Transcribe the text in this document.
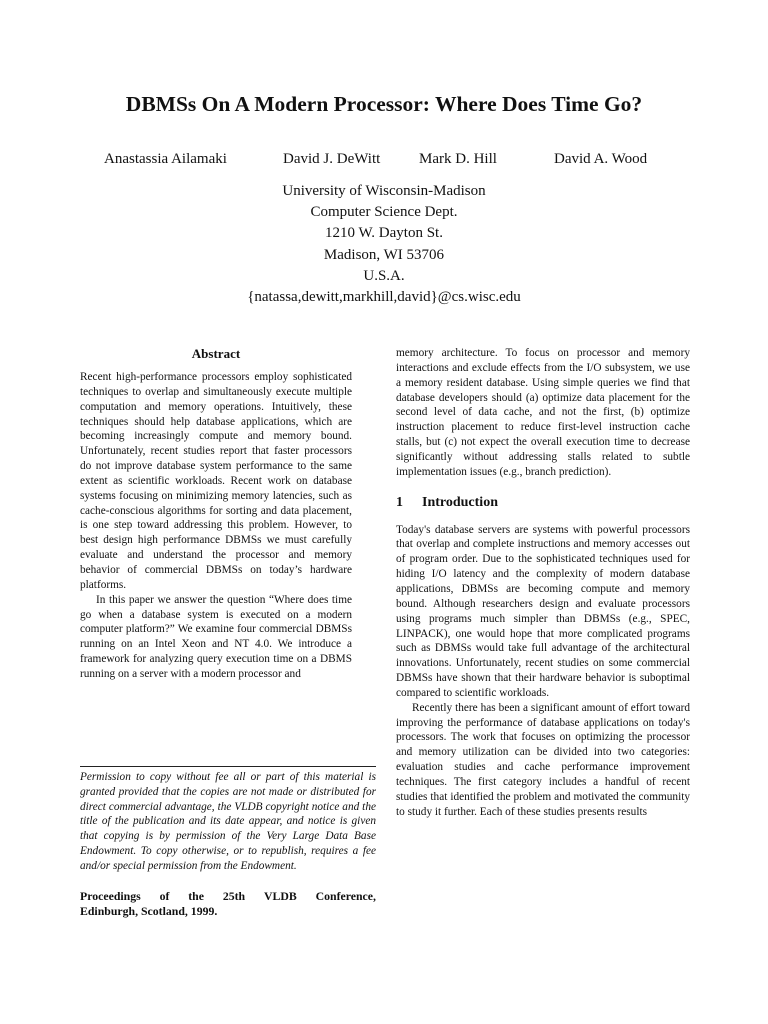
DBMSs On A Modern Processor: Where Does Time Go?
Anastassia Ailamaki	David J. DeWitt	Mark D. Hill	David A. Wood
University of Wisconsin-Madison
Computer Science Dept.
1210 W. Dayton St.
Madison, WI 53706
U.S.A.
{natassa,dewitt,markhill,david}@cs.wisc.edu
Abstract

Recent high-performance processors employ sophisticated techniques to overlap and simultaneously execute multiple computation and memory operations. Intuitively, these techniques should help database applications, which are becoming increasingly compute and memory bound. Unfortunately, recent studies report that faster processors do not improve database system performance to the same extent as scientific workloads. Recent work on database systems focusing on minimizing memory latencies, such as cache-conscious algorithms for sorting and data placement, is one step toward addressing this problem. However, to best design high performance DBMSs we must carefully evaluate and understand the processor and memory behavior of commercial DBMSs on today’s hardware platforms.

In this paper we answer the question “Where does time go when a database system is executed on a modern computer platform?” We examine four commercial DBMSs running on an Intel Xeon and NT 4.0. We introduce a framework for analyzing query execution time on a DBMS running on a server with a modern processor and

Permission to copy without fee all or part of this material is granted provided that the copies are not made or distributed for direct commercial advantage, the VLDB copyright notice and the title of the publication and its date appear, and notice is given that copying is by permission of the Very Large Data Base Endowment. To copy otherwise, or to republish, requires a fee and/or special permission from the Endowment.

Proceedings of the 25th VLDB Conference,
Edinburgh, Scotland, 1999.

memory architecture. To focus on processor and memory interactions and exclude effects from the I/O subsystem, we use a memory resident database. Using simple queries we find that database developers should (a) optimize data placement for the second level of data cache, and not the first, (b) optimize instruction placement to reduce first-level instruction cache stalls, but (c) not expect the overall execution time to decrease significantly without addressing stalls related to subtle implementation issues (e.g., branch prediction).

1 Introduction

Today's database servers are systems with powerful processors that overlap and complete instructions and memory accesses out of program order. Due to the sophisticated techniques used for hiding I/O latency and the complexity of modern database applications, DBMSs are becoming compute and memory bound. Although researchers design and evaluate processors using programs much simpler than DBMSs (e.g., SPEC, LINPACK), one would hope that more complicated programs such as DBMSs would take full advantage of the architectural innovations. Unfortunately, recent studies on some commercial DBMSs have shown that their hardware behavior is suboptimal compared to scientific workloads.

Recently there has been a significant amount of effort toward improving the performance of database applications on today's processors. The work that focuses on optimizing the processor and memory utilization can be divided into two categories: evaluation studies and cache performance improvement techniques. The first category includes a handful of recent studies that identified the problem and motivated the community to study it further. Each of these studies presents results
